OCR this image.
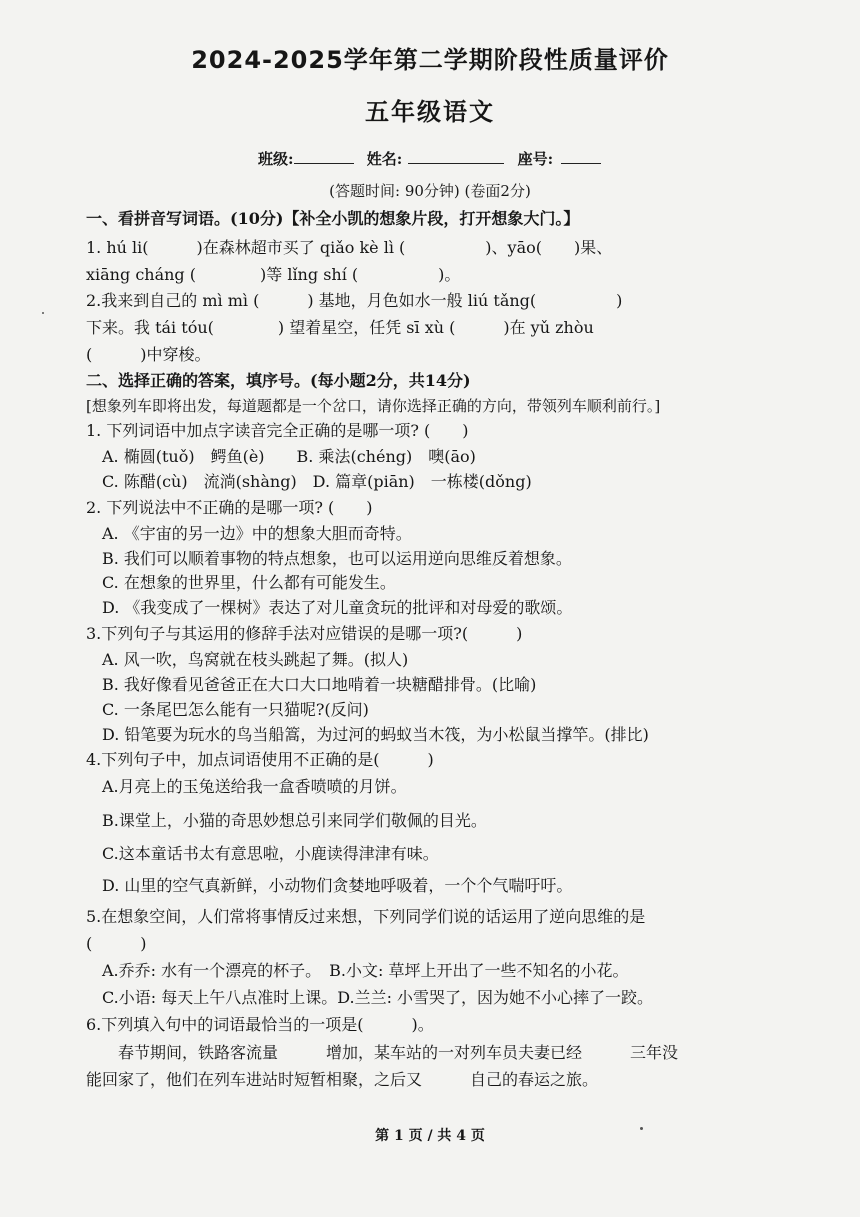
2024-2025学年第二学期阶段性质量评价
五年级语文
班级:	姓名:	座号:
(答题时间: 90分钟) (卷面2分)
一、看拼音写词语。(10分)【补全小凯的想象片段，打开想象大门。】
1. hú li(　　　)在森林超市买了 qiǎo kè lì (　　　　　)、yāo(　　)果、
xiāng cháng (　　　　)等 lǐng shí (　　　　　)。
2.我来到自己的 mì mì (　　　) 基地，月色如水一般 liú tǎng(　　　　　)
下来。我 tái tóu(　　　　) 望着星空，任凭 sī xù (　　　)在 yǔ zhòu
(　　　)中穿梭。
二、选择正确的答案，填序号。(每小题2分，共14分)
[想象列车即将出发，每道题都是一个岔口，请你选择正确的方向，带领列车顺利前行。]
1. 下列词语中加点字读音完全正确的是哪一项? (　　)
A. 椭圆(tuǒ)　鳄鱼(è)　　B. 乘法(chéng)　噢(āo)
C. 陈醋(cù)　流淌(shàng)　D. 篇章(piān)　一栋楼(dǒng)
2. 下列说法中不正确的是哪一项? (　　)
A. 《宇宙的另一边》中的想象大胆而奇特。
B. 我们可以顺着事物的特点想象，也可以运用逆向思维反着想象。
C. 在想象的世界里，什么都有可能发生。
D. 《我变成了一棵树》表达了对儿童贪玩的批评和对母爱的歌颂。
3.下列句子与其运用的修辞手法对应错误的是哪一项?(　　　)
A. 风一吹，鸟窝就在枝头跳起了舞。(拟人)
B. 我好像看见爸爸正在大口大口地啃着一块糖醋排骨。(比喻)
C. 一条尾巴怎么能有一只猫呢?(反问)
D. 铅笔要为玩水的鸟当船篙，为过河的蚂蚁当木筏，为小松鼠当撑竿。(排比)
4.下列句子中，加点词语使用不正确的是(　　　)
A.月亮上的玉兔送给我一盒香喷喷的月饼。
B.课堂上，小猫的奇思妙想总引来同学们敬佩的目光。
C.这本童话书太有意思啦，小鹿读得津津有味。
D. 山里的空气真新鲜，小动物们贪婪地呼吸着，一个个气喘吁吁。
5.在想象空间，人们常将事情反过来想，下列同学们说的话运用了逆向思维的是
(　　　)
A.乔乔: 水有一个漂亮的杯子。　B.小文: 草坪上开出了一些不知名的小花。
C.小语: 每天上午八点准时上课。D.兰兰: 小雪哭了，因为她不小心摔了一跤。
6.下列填入句中的词语最恰当的一项是(　　　)。
春节期间，铁路客流量　　　增加，某车站的一对列车员夫妻已经　　　三年没
能回家了，他们在列车进站时短暂相聚，之后又　　　自己的春运之旅。
第 1 页 / 共 4 页
